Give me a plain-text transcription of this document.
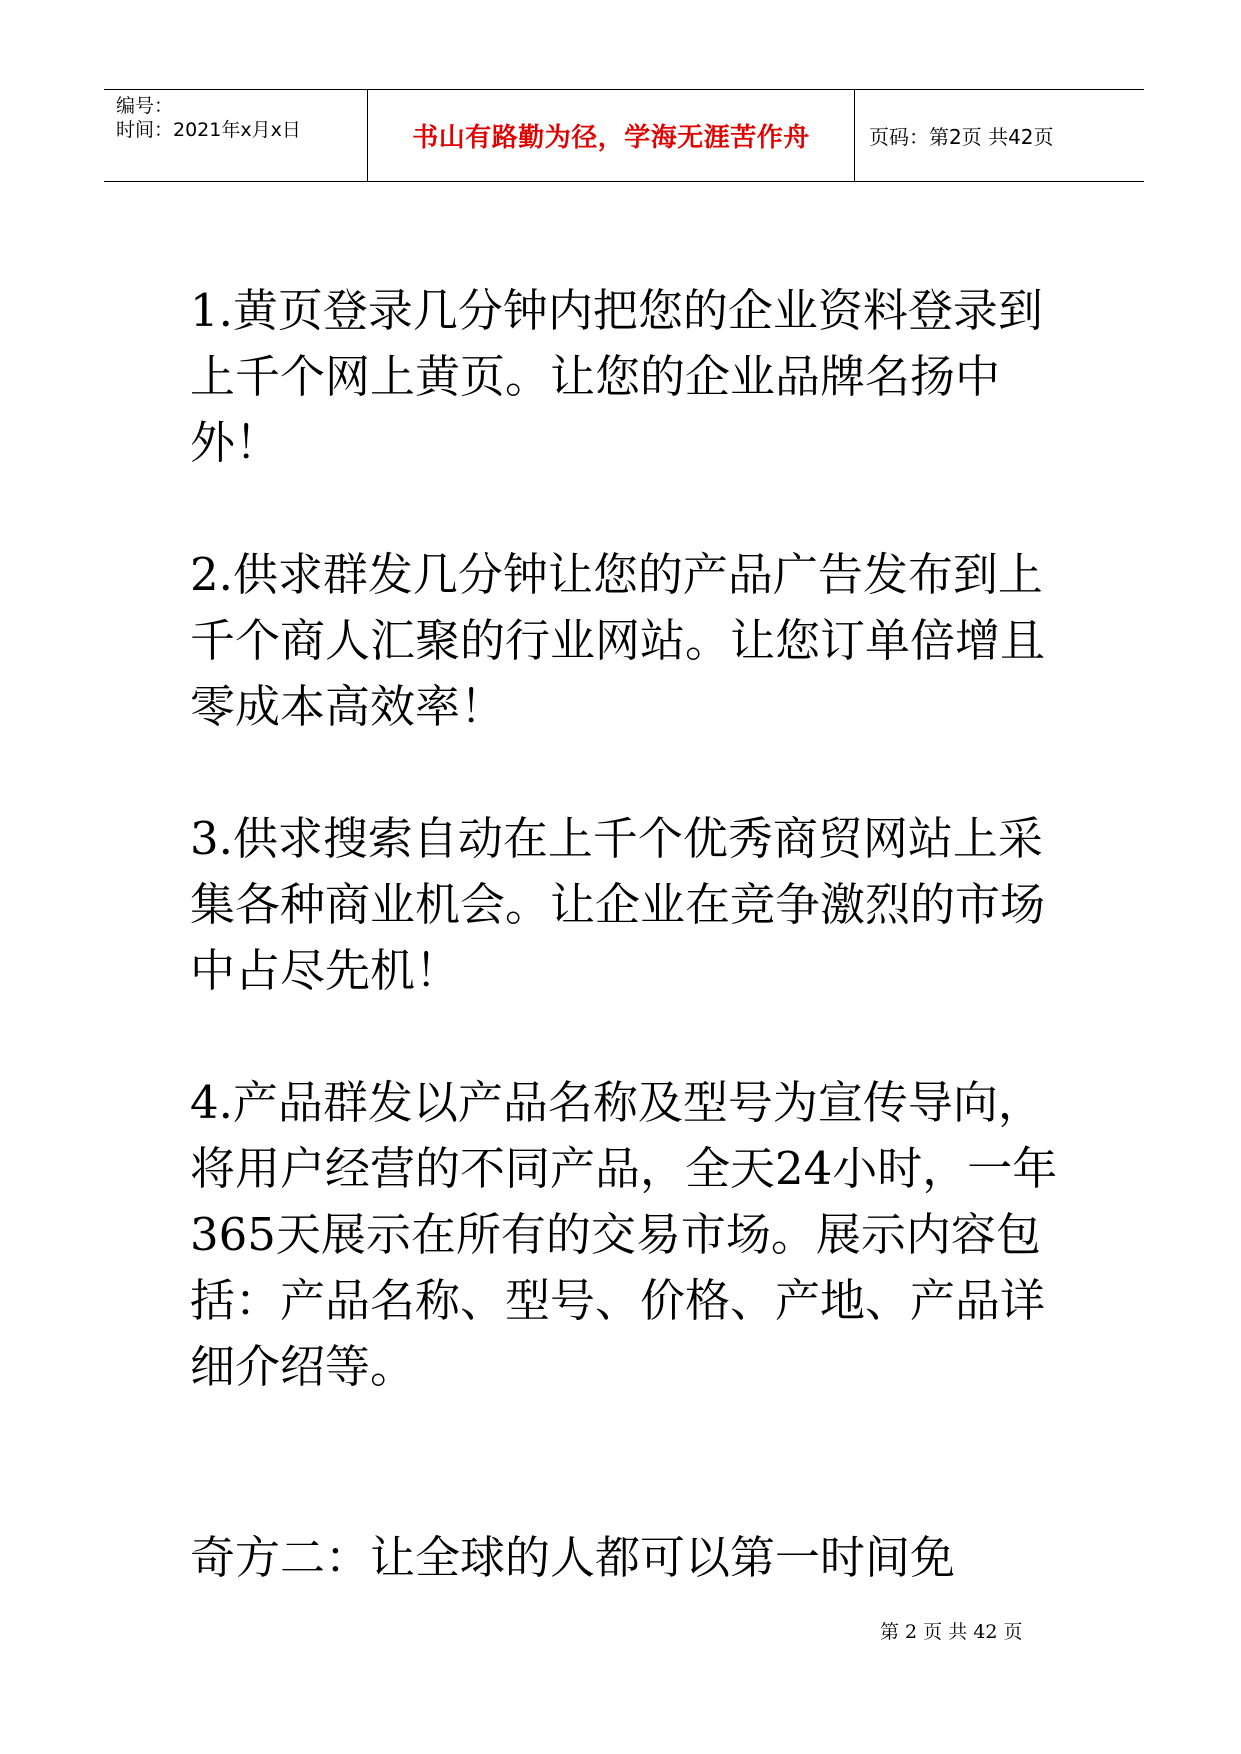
编号：
时间：2021年x月x日	书山有路勤为径，学海无涯苦作舟	页码：第2页 共42页

1.黄页登录几分钟内把您的企业资料登录到上千个网上黄页。让您的企业品牌名扬中外！

2.供求群发几分钟让您的产品广告发布到上千个商人汇聚的行业网站。让您订单倍增且零成本高效率！

3.供求搜索自动在上千个优秀商贸网站上采集各种商业机会。让企业在竞争激烈的市场中占尽先机！

4.产品群发以产品名称及型号为宣传导向，将用户经营的不同产品，全天24小时，一年365天展示在所有的交易市场。展示内容包括：产品名称、型号、价格、产地、产品详细介绍等。

奇方二：让全球的人都可以第一时间免
第 2 页 共 42 页
